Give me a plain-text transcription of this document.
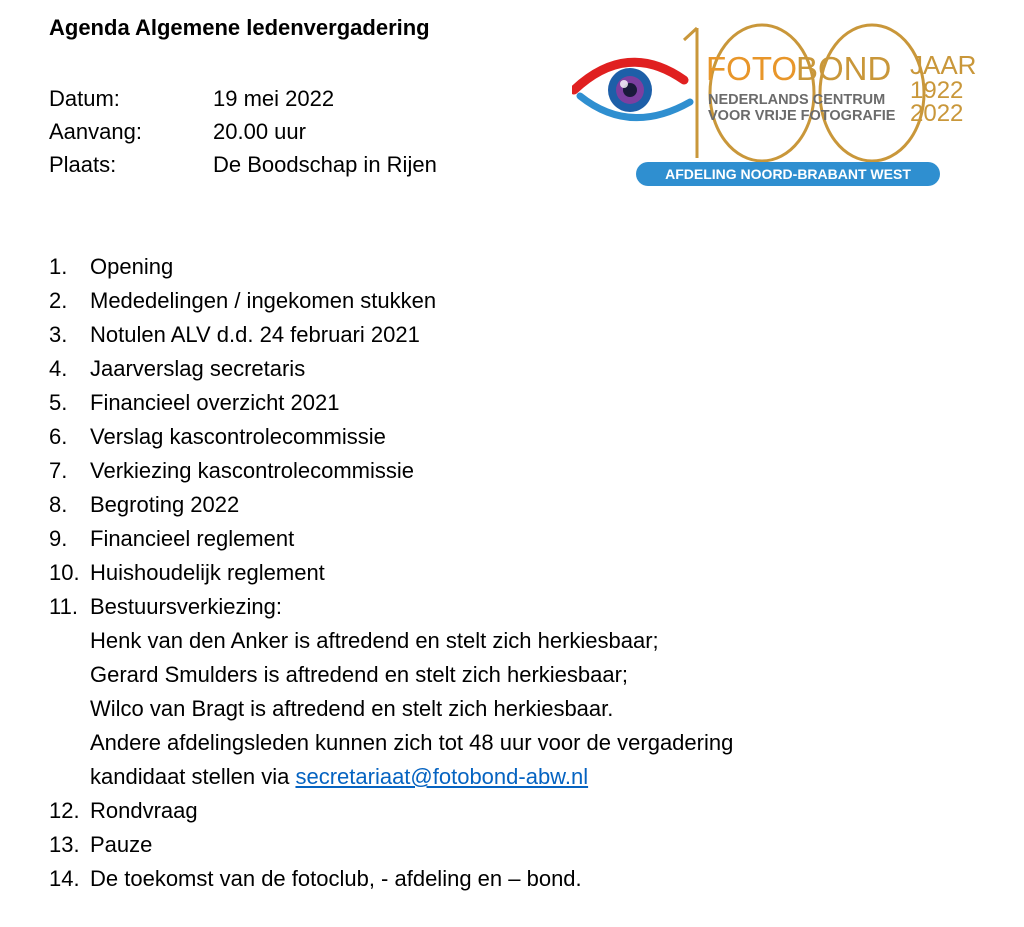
Agenda Algemene ledenvergadering
Datum:	19 mei 2022
Aanvang:	20.00 uur
Plaats:	De Boodschap in Rijen
FOTO
BOND JAAR
1922
2022
NEDERLANDS CENTRUM
VOOR VRIJE FOTOGRAFIE
AFDELING NOORD-BRABANT WEST
1.	Opening
2.	Mededelingen / ingekomen stukken
3.	Notulen ALV d.d. 24 februari 2021
4.	Jaarverslag secretaris
5.	Financieel overzicht 2021
6.	Verslag kascontrolecommissie
7.	Verkiezing kascontrolecommissie
8.	Begroting 2022
9.	Financieel reglement
10. Huishoudelijk reglement
11. Bestuursverkiezing:
Henk van den Anker is aftredend en stelt zich herkiesbaar;
Gerard Smulders is aftredend en stelt zich herkiesbaar;
Wilco van Bragt is aftredend en stelt zich herkiesbaar.
Andere afdelingsleden kunnen zich tot 48 uur voor de vergadering
kandidaat stellen via secretariaat@fotobond-abw.nl
12. Rondvraag
13. Pauze
14. De toekomst van de fotoclub, - afdeling en – bond.
